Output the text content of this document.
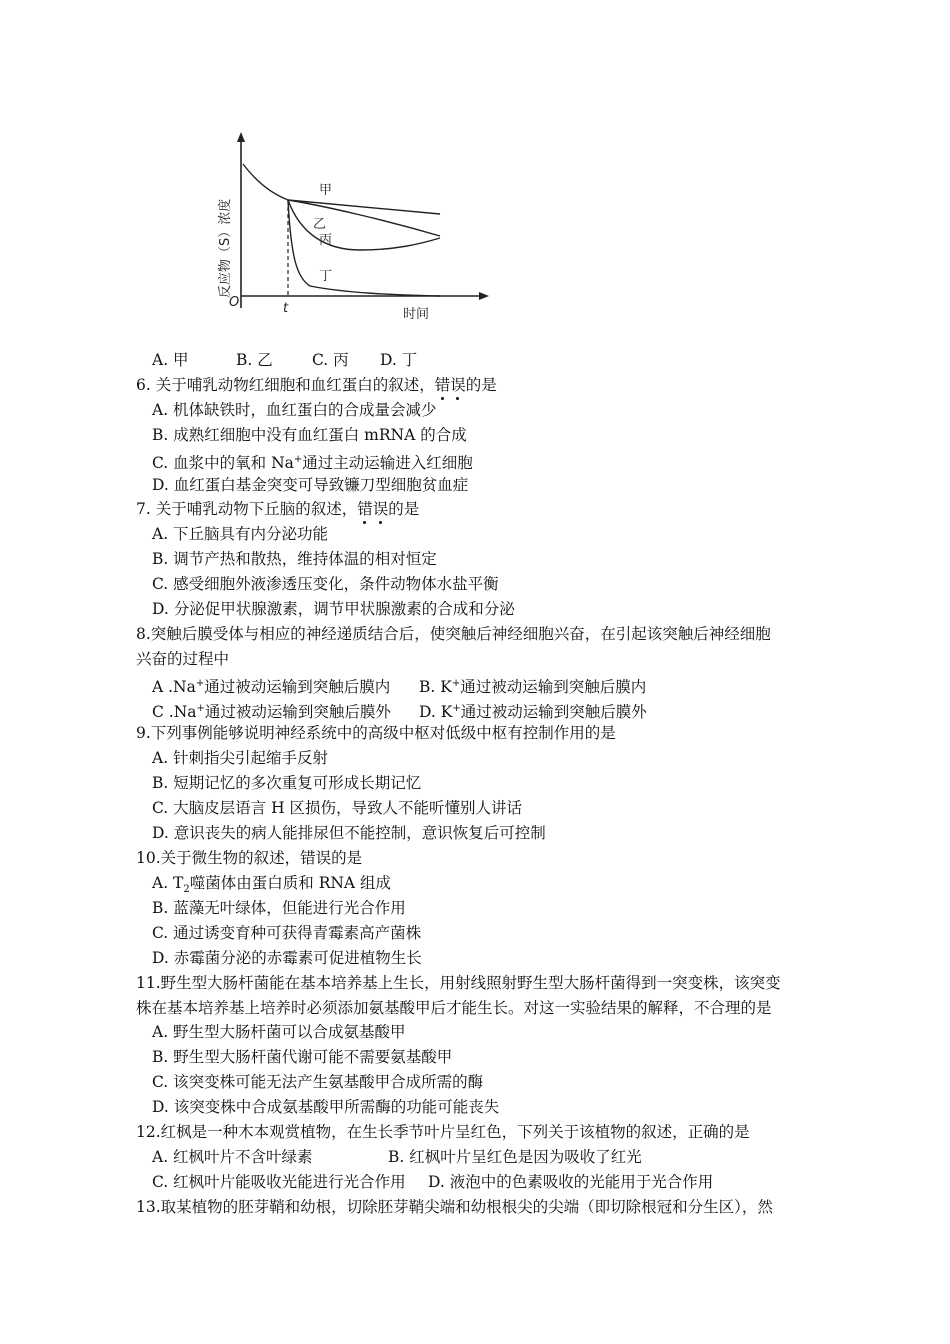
反应物（S）浓度
时间
O	t
甲
乙
丙
丁
A. 甲	B. 乙	C. 丙 D. 丁
6. 关于哺乳动物红细胞和血红蛋白的叙述，错误的是
A. 机体缺铁时，血红蛋白的合成量会减少
B. 成熟红细胞中没有血红蛋白 mRNA 的合成
C. 血浆中的氧和 Na+通过主动运输进入红细胞
D. 血红蛋白基金突变可导致镰刀型细胞贫血症
7. 关于哺乳动物下丘脑的叙述，错误的是
A. 下丘脑具有内分泌功能
B. 调节产热和散热，维持体温的相对恒定
C. 感受细胞外液渗透压变化，条件动物体水盐平衡
D. 分泌促甲状腺激素，调节甲状腺激素的合成和分泌
8.突触后膜受体与相应的神经递质结合后，使突触后神经细胞兴奋，在引起该突触后神经细胞
兴奋的过程中
A .Na+通过被动运输到突触后膜内 B. K+通过被动运输到突触后膜内
C .Na+通过被动运输到突触后膜外 D. K+通过被动运输到突触后膜外
9.下列事例能够说明神经系统中的高级中枢对低级中枢有控制作用的是
A. 针刺指尖引起缩手反射
B. 短期记忆的多次重复可形成长期记忆
C. 大脑皮层语言 H 区损伤，导致人不能听懂别人讲话
D. 意识丧失的病人能排尿但不能控制，意识恢复后可控制
10.关于微生物的叙述，错误的是
A. $T_2$噬菌体由蛋白质和 RNA 组成
B. 蓝藻无叶绿体，但能进行光合作用
C. 通过诱变育种可获得青霉素高产菌株
D. 赤霉菌分泌的赤霉素可促进植物生长
11.野生型大肠杆菌能在基本培养基上生长，用射线照射野生型大肠杆菌得到一突变株，该突变
株在基本培养基上培养时必须添加氨基酸甲后才能生长。对这一实验结果的解释，不合理的是
A. 野生型大肠杆菌可以合成氨基酸甲
B. 野生型大肠杆菌代谢可能不需要氨基酸甲
C. 该突变株可能无法产生氨基酸甲合成所需的酶
D. 该突变株中合成氨基酸甲所需酶的功能可能丧失
12.红枫是一种木本观赏植物，在生长季节叶片呈红色，下列关于该植物的叙述，正确的是
A. 红枫叶片不含叶绿素	B. 红枫叶片呈红色是因为吸收了红光
C. 红枫叶片能吸收光能进行光合作用 D. 液泡中的色素吸收的光能用于光合作用
13.取某植物的胚芽鞘和幼根，切除胚芽鞘尖端和幼根根尖的尖端（即切除根冠和分生区），然
